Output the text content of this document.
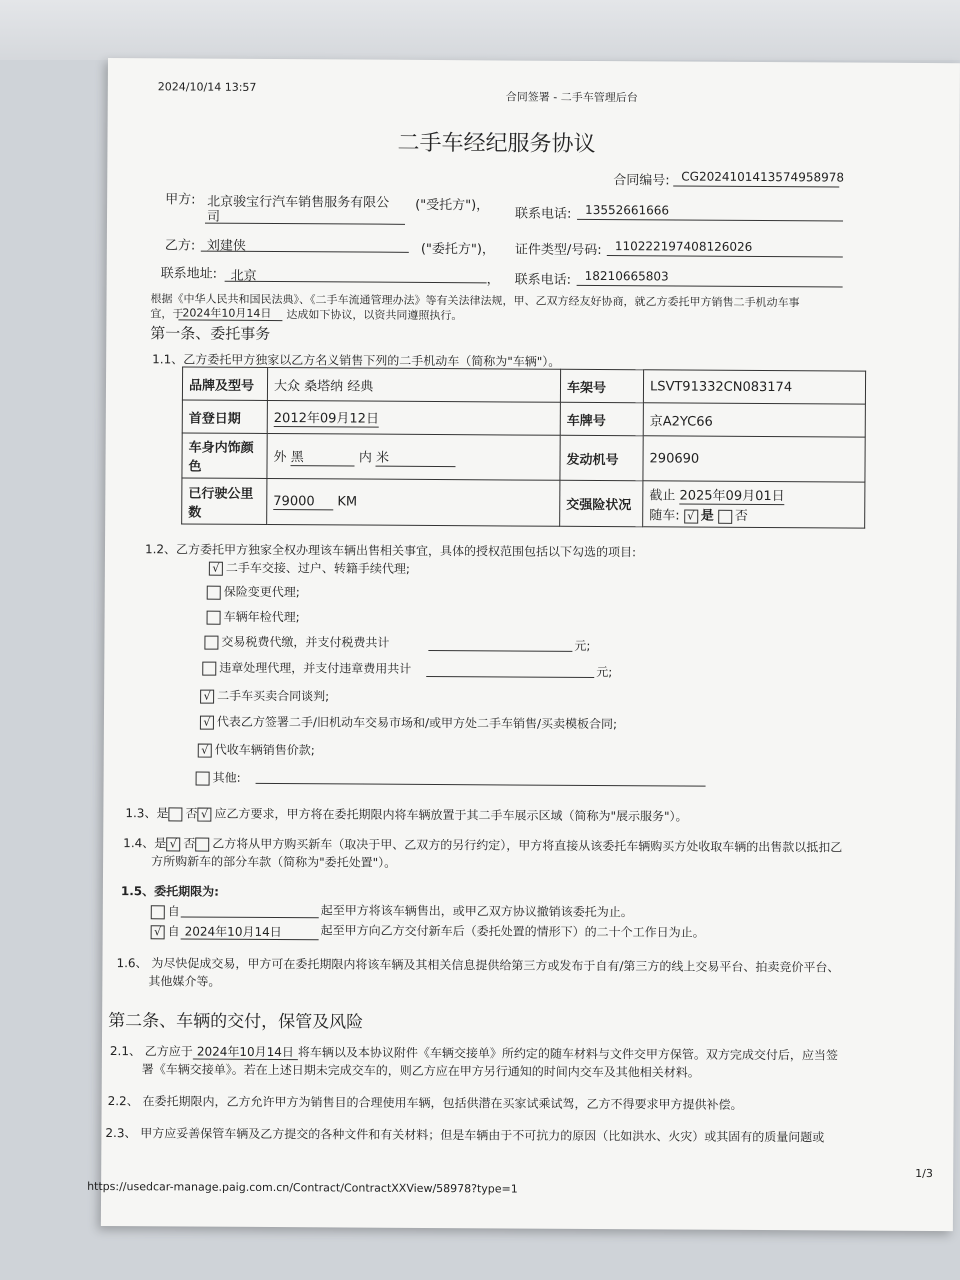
2024/10/14 13:57
合同签署 - 二手车管理后台
二手车经纪服务协议
合同编号: CG2024101413574958978
甲方: 北京骏宝行汽车销售服务有限公
司
("受托方")，
联系电话: 13552661666
乙方: 刘建侠	("委托方")， 证件类型/号码: 110222197408126026
联系地址: 北京	， 联系电话: 18210665803
根据《中华人民共和国民法典》、《二手车流通管理办法》等有关法律法规，甲、乙双方经友好协商，就乙方委托甲方销售二手机动车事
宜，于
2024年10月14日 达成如下协议，以资共同遵照执行。
第一条、委托事务
1.1、乙方委托甲方独家以乙方名义销售下列的二手机动车（简称为"车辆"）。
品牌及型号	大众 桑塔纳 经典	车架号	LSVT91332CN083174
首登日期	2012年09月12日	车牌号	京A2YC66
车身内饰颜色	外 黑 内 米	发动机号	290690
已行驶公里数	79000 KM	交强险状况	截止 2025年09月01日
随车: √ 是 否
1.2、乙方委托甲方独家全权办理该车辆出售相关事宜，具体的授权范围包括以下勾选的项目:
√ 二手车交接、过户、转籍手续代理;
保险变更代理;
车辆年检代理;
交易税费代缴，并支付税费共计	元;
违章处理代理，并支付违章费用共计	元;
√ 二手车买卖合同谈判;
√ 代表乙方签署二手/旧机动车交易市场和/或甲方处二手车销售/买卖模板合同;
√ 代收车辆销售价款;
其他:
1.3、是 否 √ 应乙方要求，甲方将在委托期限内将车辆放置于其二手车展示区域（简称为"展示服务"）。
1.4、是 √ 否 乙方将从甲方购买新车（取决于甲、乙双方的另行约定），甲方将直接从该委托车辆购买方处收取车辆的出售款以抵扣乙
方所购新车的部分车款（简称为"委托处置"）。
1.5、委托期限为:
自	起至甲方将该车辆售出，或甲乙双方协议撤销该委托为止。
√ 自 2024年10月14日	起至甲方向乙方交付新车后（委托处置的情形下）的二十个工作日为止。
1.6、 为尽快促成交易，甲方可在委托期限内将该车辆及其相关信息提供给第三方或发布于自有/第三方的线上交易平台、拍卖竞价平台、
其他媒介等。
第二条、车辆的交付，保管及风险
2.1、 乙方应于 2024年10月14日 将车辆以及本协议附件《车辆交接单》所约定的随车材料与文件交甲方保管。双方完成交付后，应当签
署《车辆交接单》。若在上述日期未完成交车的，则乙方应在甲方另行通知的时间内交车及其他相关材料。
2.2、 在委托期限内，乙方允许甲方为销售目的合理使用车辆，包括供潜在买家试乘试驾，乙方不得要求甲方提供补偿。
2.3、 甲方应妥善保管车辆及乙方提交的各种文件和有关材料；但是车辆由于不可抗力的原因（比如洪水、火灾）或其固有的质量问题或
https://usedcar-manage.paig.com.cn/Contract/ContractXXView/58978?type=1
1/3
